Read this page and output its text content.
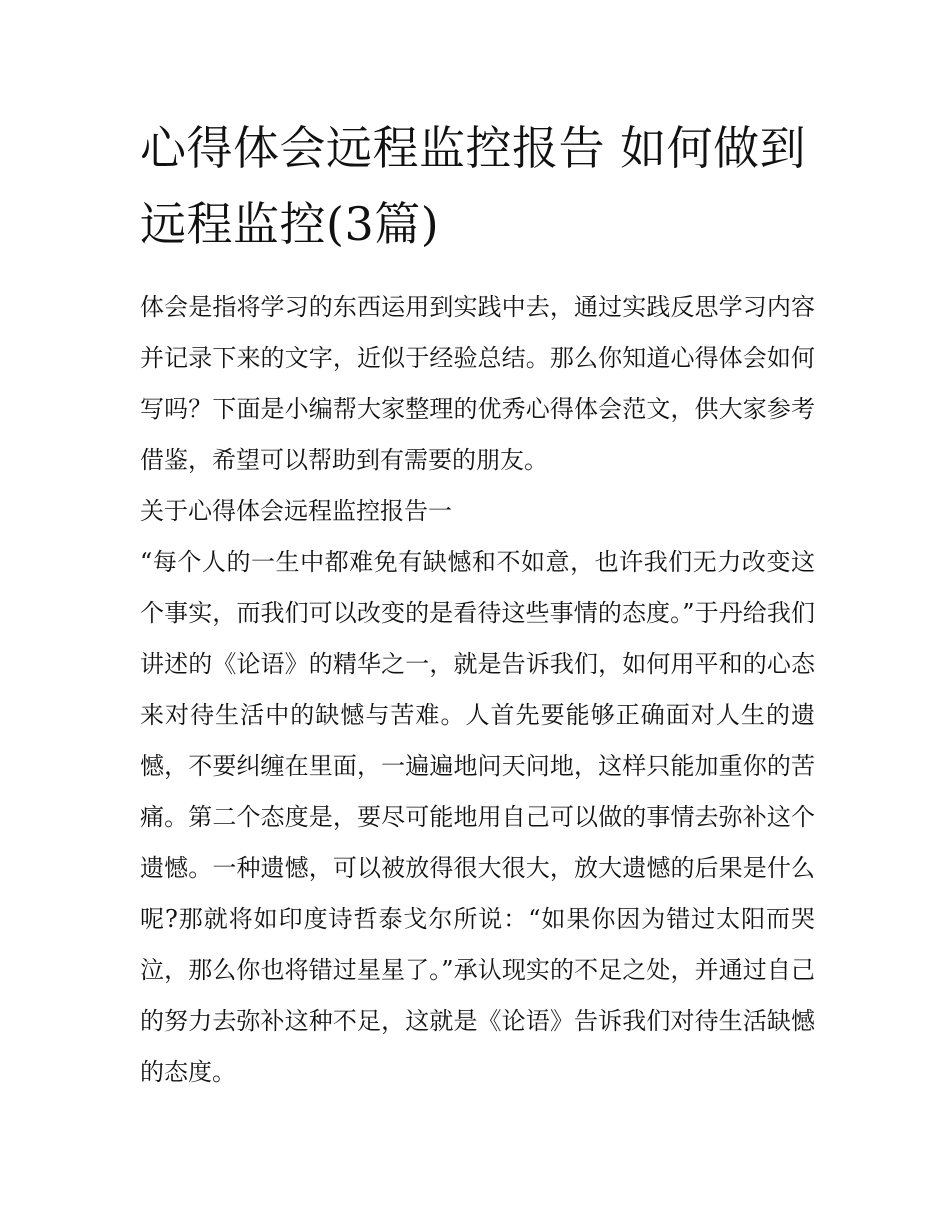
心得体会远程监控报告 如何做到远程监控(3篇)

体会是指将学习的东西运用到实践中去，通过实践反思学习内容并记录下来的文字，近似于经验总结。那么你知道心得体会如何写吗？下面是小编帮大家整理的优秀心得体会范文，供大家参考借鉴，希望可以帮助到有需要的朋友。

关于心得体会远程监控报告一

“每个人的一生中都难免有缺憾和不如意，也许我们无力改变这个事实，而我们可以改变的是看待这些事情的态度。”于丹给我们讲述的《论语》的精华之一，就是告诉我们，如何用平和的心态来对待生活中的缺憾与苦难。人首先要能够正确面对人生的遗憾，不要纠缠在里面，一遍遍地问天问地，这样只能加重你的苦痛。第二个态度是，要尽可能地用自己可以做的事情去弥补这个遗憾。一种遗憾，可以被放得很大很大，放大遗憾的后果是什么呢?那就将如印度诗哲泰戈尔所说：“如果你因为错过太阳而哭泣，那么你也将错过星星了。”承认现实的不足之处，并通过自己的努力去弥补这种不足，这就是《论语》告诉我们对待生活缺憾的态度。
